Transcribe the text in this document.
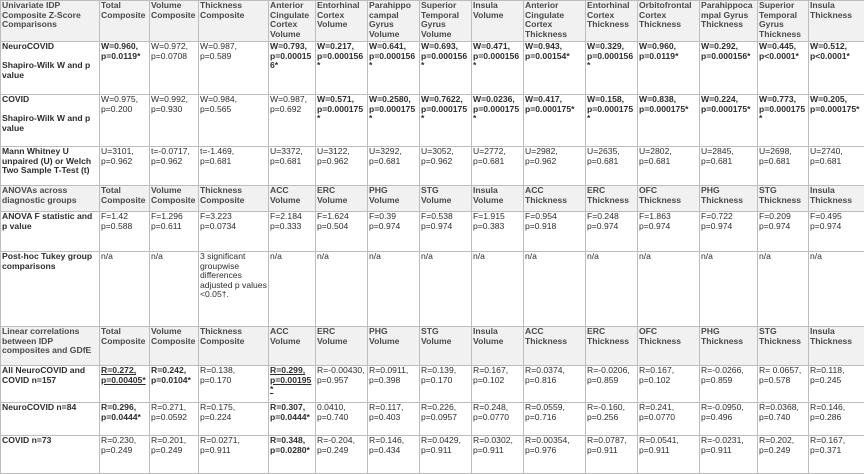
Univariate IDP Composite Z-Score Comparisons	Total Composite	Volume Composite	Thickness Composite	Anterior Cingulate Cortex Volume	Entorhinal Cortex Volume	Parahippo campal Gyrus Volume	Superior Temporal Gyrus Volume	Insula Volume	Anterior Cingulate Cortex Thickness	Entorhinal Cortex Thickness	Orbitofrontal Cortex Thickness	Parahippoca mpal Gyrus Thickness	Superior Temporal Gyrus Thickness	Insula Thickness
NeuroCOVID

Shapiro-Wilk W and p value	W=0.960, p=0.0119*	W=0.972, p=0.0708	W=0.987, p=0.589	W=0.793, p=0.000156*	W=0.217, p=0.000156*	W=0.641, p=0.000156*	W=0.693, p=0.000156*	W=0.471, p=0.000156*	W=0.943, p=0.00154*	W=0.329, p=0.000156*	W=0.960, p=0.0119*	W=0.292, p=0.000156*	W=0.445, p<0.0001*	W=0.512, p<0.0001*
COVID

Shapiro-Wilk W and p value	W=0.975, p=0.200	W=0.992, p=0.930	W=0.984, p=0.565	W=0.987, p=0.692	W=0.571, p=0.000175*	W=0.2580, p=0.000175*	W=0.7622, p=0.000175*	W=0.0236, p=0.000175*	W=0.417, p=0.000175*	W=0.158, p=0.000175*	W=0.838, p=0.000175*	W=0.224, p=0.000175*	W=0.773, p=0.000175*	W=0.205, p=0.000175*
Mann Whitney U unpaired (U) or Welch Two Sample T-Test (t)	U=3101, p=0.962	t=-0.0717, p=0.962	t=-1.469, p=0.681	U=3372, p=0.681	U=3122, p=0.962	U=3292, p=0.681	U=3052, p=0.962	U=2772, p=0.681	U=2982, p=0.962	U=2635, p=0.681	U=2802, p=0.681	U=2845, p=0.681	U=2698, p=0.681	U=2740, p=0.681
ANOVAs across diagnostic groups	Total Composite	Volume Composite	Thickness Composite	ACC Volume	ERC Volume	PHG Volume	STG Volume	Insula Volume	ACC Thickness	ERC Thickness	OFC Thickness	PHG Thickness	STG Thickness	Insula Thickness
ANOVA F statistic and p value	F=1.42 p=0.588	F=1.296 p=0.611	F=3.223 p=0.0734	F=2.184 p=0.333	F=1.624 p=0.504	F=0.39 p=0.974	F=0.538 p=0.974	F=1.915 p=0.383	F=0.954 p=0.918	F=0.248 p=0.974	F=1.863 p=0.974	F=0.722 p=0.974	F=0.209 p=0.974	F=0.495 p=0.974
Post-hoc Tukey group comparisons	n/a	n/a	3 significant groupwise differences adjusted p values <0.05†.	n/a	n/a	n/a	n/a	n/a	n/a	n/a	n/a	n/a	n/a	n/a
Linear correlations between IDP composites and GDfE	Total Composite	Volume Composite	Thickness Composite	ACC Volume	ERC Volume	PHG Volume	STG Volume	Insula Volume	ACC Thickness	ERC Thickness	OFC Thickness	PHG Thickness	STG Thickness	Insula Thickness
All NeuroCOVID and COVID n=157	R=0.272, p=0.00405*	R=0.242, p=0.0104*	R=0.138, p=0.170	R=0.299, p=0.00195*	R=-0.00430, p=0.957	R=0.0911, p=0.398	R=0.139, p=0.170	R=0.167, p=0.102	R=0.0374, p=0.816	R=-0.0206, p=0.859	R=0.167, p=0.102	R=-0.0266, p=0.859	R= 0.0657, p=0.578	R=0.118, p=0.245
NeuroCOVID n=84	R=0.296, p=0.0444*	R=0.271, p=0.0592	R=0.175, p=0.224	R=0.307, p=0.0444*	0.0410, p=0.740	R=0.117, p=0.403	R=0.226, p=0.0957	R=0.248, p=0.0770	R=0.0559, p=0.716	R=-0.160, p=0.256	R=0.241, p=0.0770	R=-0.0950, p=0.496	R=0.0368, p=0.740	R=0.146, p=0.286
COVID n=73	R=0.230, p=0.249	R=0.201, p=0.249	R=0.0271, p=0.911	R=0.348, p=0.0280*	R=-0.204, p=0.249	R=0.146, p=0.434	R=0.0429, p=0.911	R=0.0302, p=0.911	R=0.00354, p=0.976	R=0.0787, p=0.911	R=0.0541, p=0.911	R=-0.0231, p=0.911	R=0.202, p=0.249	R=0.167, p=0.371
